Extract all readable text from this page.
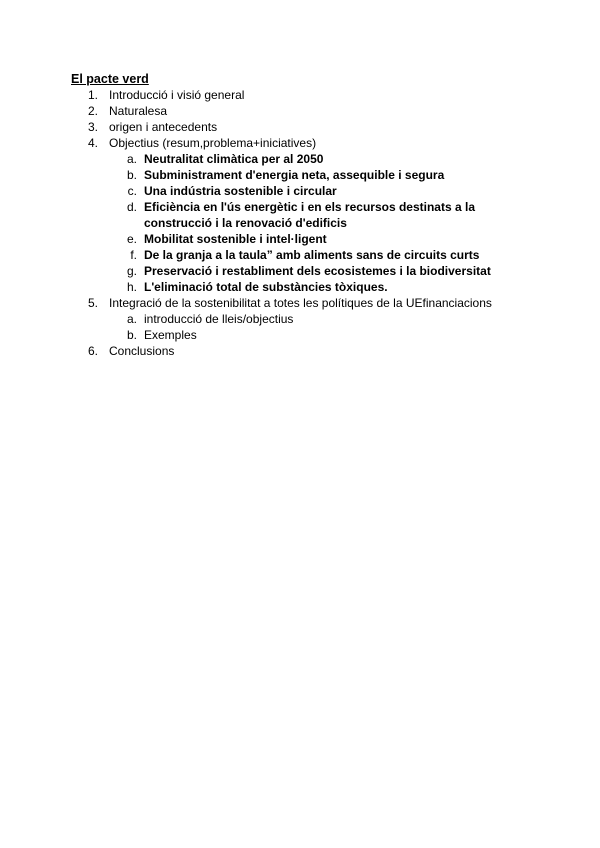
El pacte verd
1. Introducció i visió general
2. Naturalesa
3. origen i antecedents
4. Objectius (resum,problema+iniciatives)
a. Neutralitat climàtica per al 2050
b. Subministrament d'energia neta, assequible i segura
c. Una indústria sostenible i circular
d. Eficiència en l'ús energètic i en els recursos destinats a la
construcció i la renovació d'edificis
e. Mobilitat sostenible i intel·ligent
f. De la granja a la taula” amb aliments sans de circuits curts
g. Preservació i restabliment dels ecosistemes i la biodiversitat
h. L'eliminació total de substàncies tòxiques.
5. Integració de la sostenibilitat a totes les polítiques de la UEfinanciacions
a. introducció de lleis/objectius
b. Exemples
6. Conclusions
